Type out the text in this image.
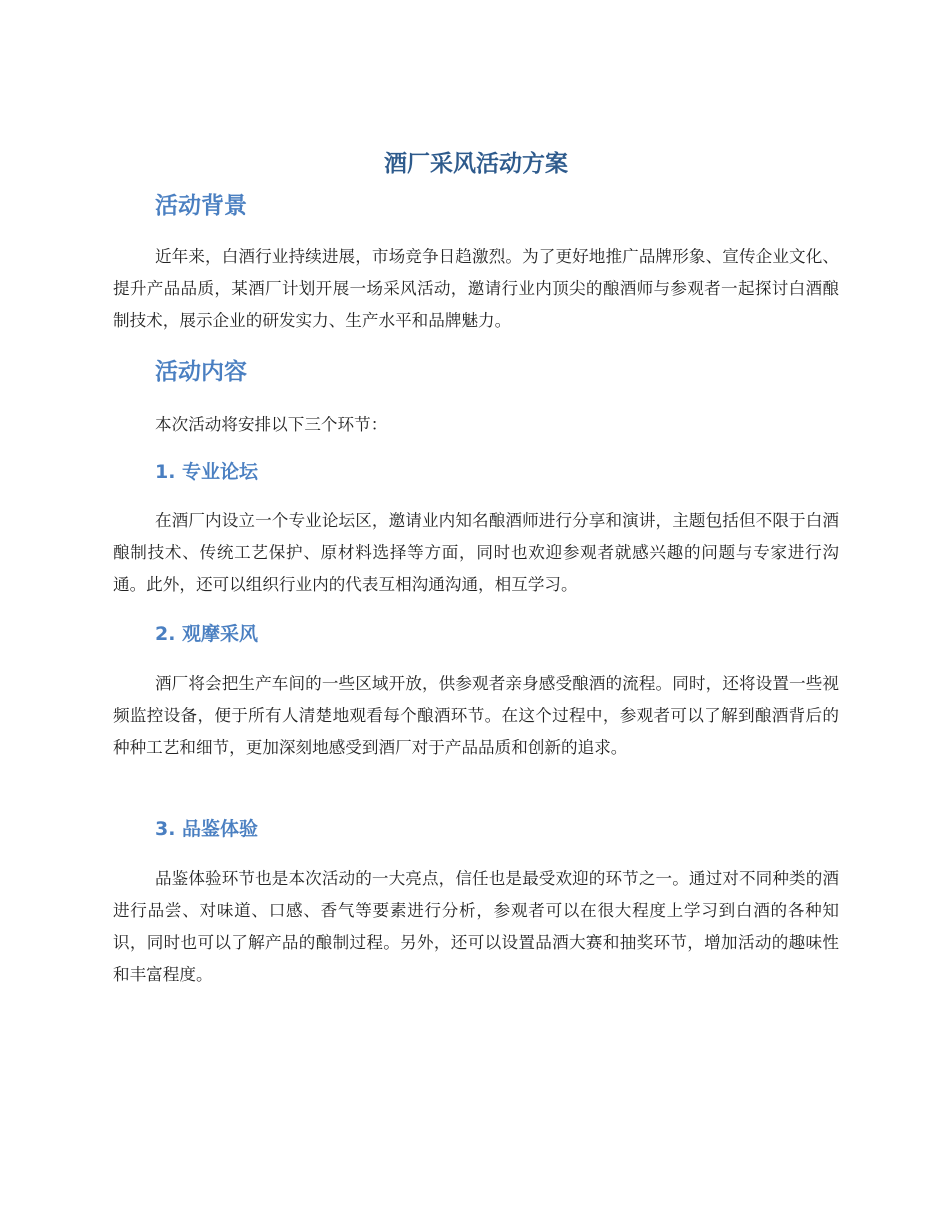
酒厂采风活动方案
活动背景

近年来，白酒行业持续进展，市场竞争日趋激烈。为了更好地推广品牌形象、宣传企业文化、提升产品品质，某酒厂计划开展一场采风活动，邀请行业内顶尖的酿酒师与参观者一起探讨白酒酿制技术，展示企业的研发实力、生产水平和品牌魅力。

活动内容

本次活动将安排以下三个环节：

1. 专业论坛

在酒厂内设立一个专业论坛区，邀请业内知名酿酒师进行分享和演讲，主题包括但不限于白酒酿制技术、传统工艺保护、原材料选择等方面，同时也欢迎参观者就感兴趣的问题与专家进行沟通。此外，还可以组织行业内的代表互相沟通沟通，相互学习。

2. 观摩采风

酒厂将会把生产车间的一些区域开放，供参观者亲身感受酿酒的流程。同时，还将设置一些视频监控设备，便于所有人清楚地观看每个酿酒环节。在这个过程中，参观者可以了解到酿酒背后的种种工艺和细节，更加深刻地感受到酒厂对于产品品质和创新的追求。

3. 品鉴体验

品鉴体验环节也是本次活动的一大亮点，信任也是最受欢迎的环节之一。通过对不同种类的酒进行品尝、对味道、口感、香气等要素进行分析，参观者可以在很大程度上学习到白酒的各种知识，同时也可以了解产品的酿制过程。另外，还可以设置品酒大赛和抽奖环节，增加活动的趣味性和丰富程度。
